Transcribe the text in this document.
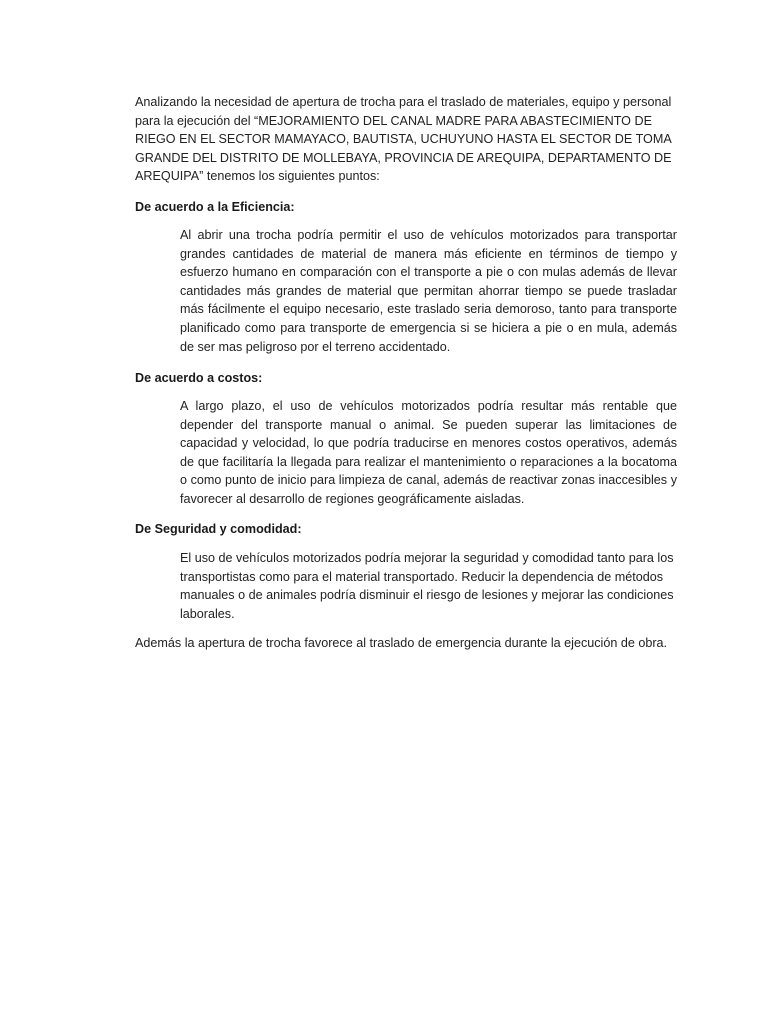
Analizando la necesidad de apertura de trocha para el traslado de materiales, equipo y personal para la ejecución del “MEJORAMIENTO DEL CANAL MADRE PARA ABASTECIMIENTO DE RIEGO EN EL SECTOR MAMAYACO, BAUTISTA, UCHUYUNO HASTA EL SECTOR DE TOMA GRANDE DEL DISTRITO DE MOLLEBAYA, PROVINCIA DE AREQUIPA, DEPARTAMENTO DE AREQUIPA” tenemos los siguientes puntos:

De acuerdo a la Eficiencia:

Al abrir una trocha podría permitir el uso de vehículos motorizados para transportar grandes cantidades de material de manera más eficiente en términos de tiempo y esfuerzo humano en comparación con el transporte a pie o con mulas además de llevar cantidades más grandes de material que permitan ahorrar tiempo se puede trasladar más fácilmente el equipo necesario, este traslado seria demoroso, tanto para transporte planificado como para transporte de emergencia si se hiciera a pie o en mula, además de ser mas peligroso por el terreno accidentado.

De acuerdo a costos:

A largo plazo, el uso de vehículos motorizados podría resultar más rentable que depender del transporte manual o animal. Se pueden superar las limitaciones de capacidad y velocidad, lo que podría traducirse en menores costos operativos, además de que facilitaría la llegada para realizar el mantenimiento o reparaciones a la bocatoma o como punto de inicio para limpieza de canal, además de reactivar zonas inaccesibles y favorecer al desarrollo de regiones geográficamente aisladas.

De Seguridad y comodidad:

El uso de vehículos motorizados podría mejorar la seguridad y comodidad tanto para los transportistas como para el material transportado. Reducir la dependencia de métodos manuales o de animales podría disminuir el riesgo de lesiones y mejorar las condiciones laborales.

Además la apertura de trocha favorece al traslado de emergencia durante la ejecución de obra.
